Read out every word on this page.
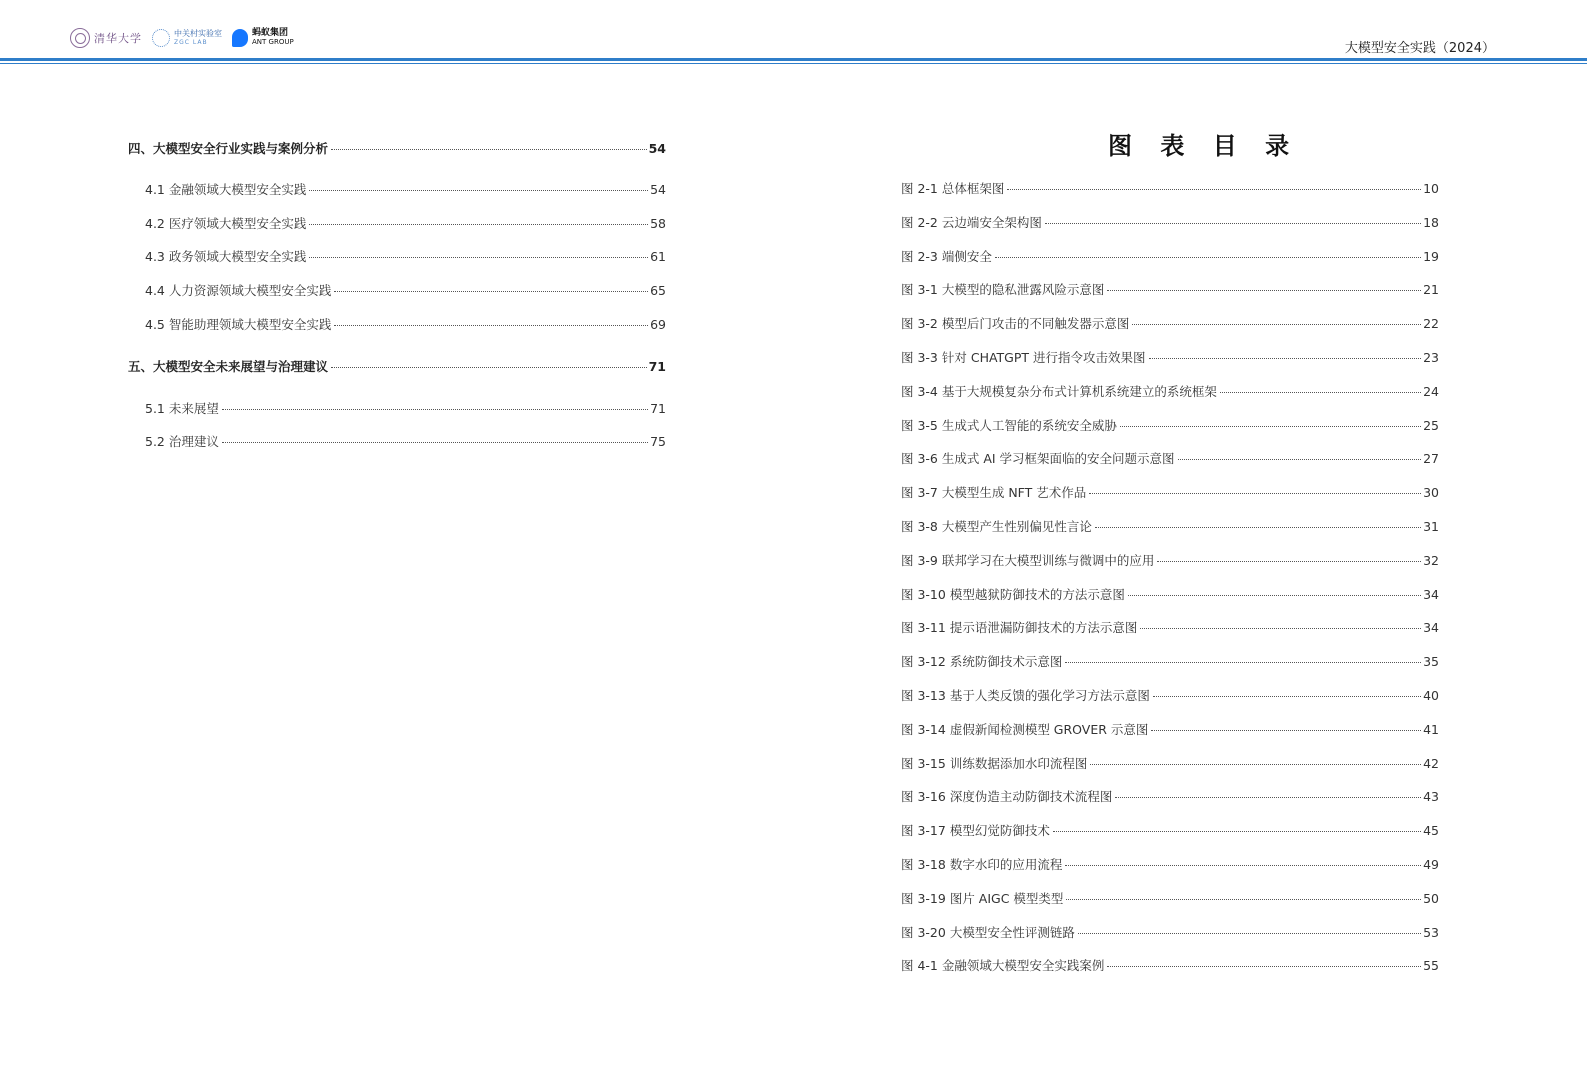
清华大学	中关村实验室
ZGC LAB
蚂蚁集团
ANT GROUP	大模型安全实践（2024）
四、大模型安全行业实践与案例分析	54
4.1 金融领域大模型安全实践	54
4.2 医疗领域大模型安全实践	58
4.3 政务领域大模型安全实践	61
4.4 人力资源领域大模型安全实践	65
4.5 智能助理领域大模型安全实践	69
五、大模型安全未来展望与治理建议	71
5.1 未来展望	71
5.2 治理建议	75
图 表 目 录
图 2-1 总体框架图	10
图 2-2 云边端安全架构图	18
图 2-3 端侧安全	19
图 3-1 大模型的隐私泄露风险示意图	21
图 3-2 模型后门攻击的不同触发器示意图	22
图 3-3 针对 CHATGPT 进行指令攻击效果图	23
图 3-4 基于大规模复杂分布式计算机系统建立的系统框架	24
图 3-5 生成式人工智能的系统安全威胁	25
图 3-6 生成式 AI 学习框架面临的安全问题示意图	27
图 3-7 大模型生成 NFT 艺术作品	30
图 3-8 大模型产生性别偏见性言论	31
图 3-9 联邦学习在大模型训练与微调中的应用	32
图 3-10 模型越狱防御技术的方法示意图	34
图 3-11 提示语泄漏防御技术的方法示意图	34
图 3-12 系统防御技术示意图	35
图 3-13 基于人类反馈的强化学习方法示意图	40
图 3-14 虚假新闻检测模型 GROVER 示意图	41
图 3-15 训练数据添加水印流程图	42
图 3-16 深度伪造主动防御技术流程图	43
图 3-17 模型幻觉防御技术	45
图 3-18 数字水印的应用流程	49
图 3-19 图片 AIGC 模型类型	50
图 3-20 大模型安全性评测链路	53
图 4-1 金融领域大模型安全实践案例	55
